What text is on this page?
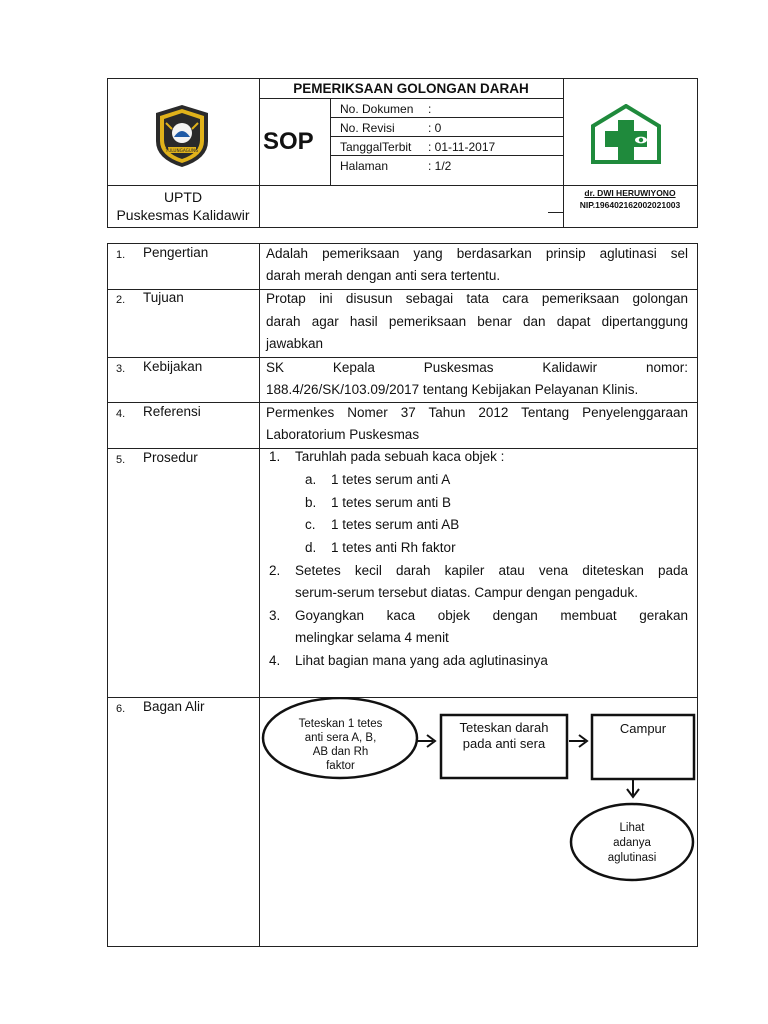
PEMERIKSAAN GOLONGAN DARAH
SOP
No. Dokumen :
No. Revisi	: 0
TanggalTerbit : 01-11-2017
Halaman	: 1/2
UPTD
Puskesmas Kalidawir
dr. DWI HERUWIYONO
NIP.196402162002021003
TULUNGAGUNG
1. Pengertian
2. Tujuan
3. Kebijakan
4. Referensi
5. Prosedur
6. Bagan Alir
Adalah pemeriksaan yang berdasarkan prinsip aglutinasi sel
darah merah dengan anti sera tertentu.
Protap ini disusun sebagai tata cara pemeriksaan golongan
darah agar hasil pemeriksaan benar dan dapat dipertanggung
jawabkan
SK Kepala Puskesmas Kalidawir nomor:
188.4/26/SK/103.09/2017 tentang Kebijakan Pelayanan Klinis.
Permenkes Nomer 37 Tahun 2012 Tentang Penyelenggaraan
Laboratorium Puskesmas
1. Taruhlah pada sebuah kaca objek :
a. 1 tetes serum anti A
b. 1 tetes serum anti B
c. 1 tetes serum anti AB
d. 1 tetes anti Rh faktor
2. Setetes kecil darah kapiler atau vena diteteskan pada
serum-serum tersebut diatas. Campur dengan pengaduk.
3. Goyangkan kaca objek dengan membuat gerakan
melingkar selama 4 menit
4. Lihat bagian mana yang ada aglutinasinya
Teteskan 1 tetes
anti sera A, B,
AB dan Rh
faktor
Teteskan darah
pada anti sera
Campur
Lihat
adanya
aglutinasi
